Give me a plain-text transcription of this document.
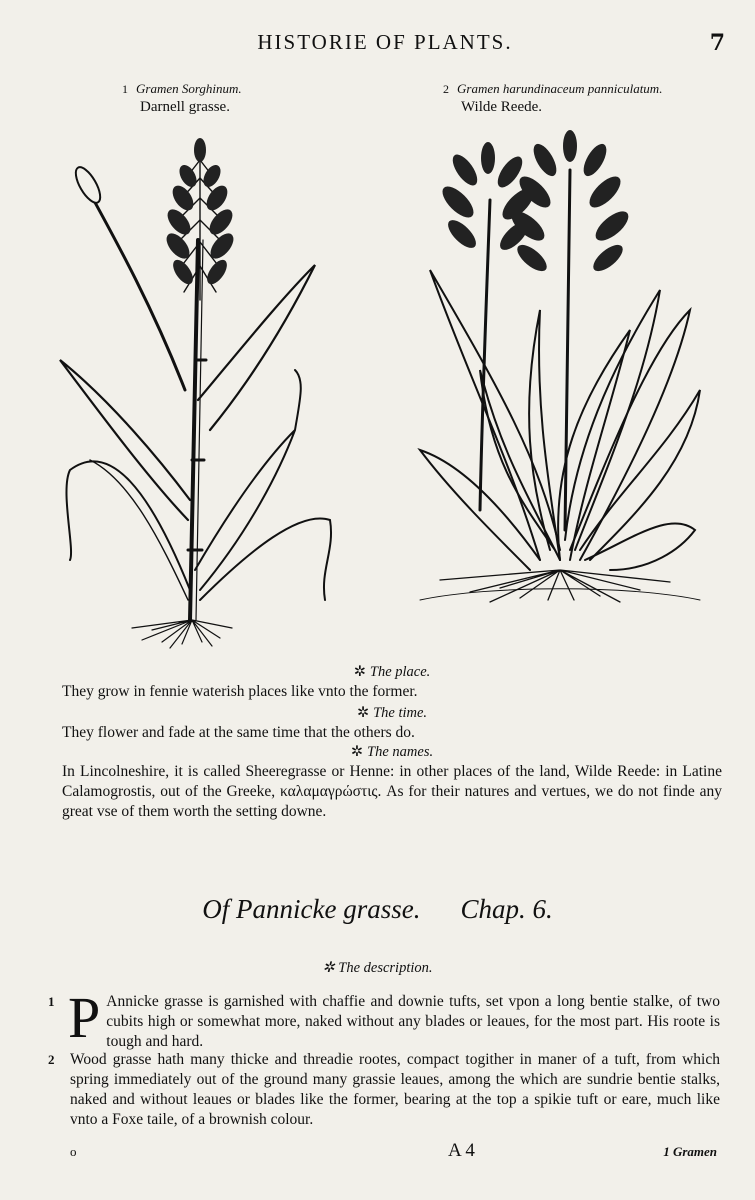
HISTORIE OF PLANTS.	7
1 Gramen Sorghinum.
Darnell grasse.
2 Gramen harundinaceum panniculatum.
Wilde Reede.
✲ The place.
They grow in fennie waterish places like vnto the former.
✲ The time.
They flower and fade at the same time that the others do.
✲ The names.
In Lincolneshire, it is called Sheeregrasse or Henne: in other places of the land, Wilde Reede: in Latine Calamogrostis, out of the Greeke, καλαμαγρώστις. As for their natures and vertues, we do not finde any great vse of them worth the setting downe.
Of Pannicke grasse. Chap. 6.
✲ The description.
1 P Annicke grasse is garnished with chaffie and downie tufts, set vpon a long bentie stalke, of two cubits high or somewhat more, naked without any blades or leaues, for the most part. His roote is tough and hard.
2	Wood grasse hath many thicke and threadie rootes, compact togither in maner of a tuft, from which spring immediately out of the ground many grassie leaues, among the which are sundrie bentie stalks, naked and without leaues or blades like the former, bearing at the top a spikie tuft or eare, much like vnto a Foxe taile, of a brownish colour.
o	A 4	1 Gramen
